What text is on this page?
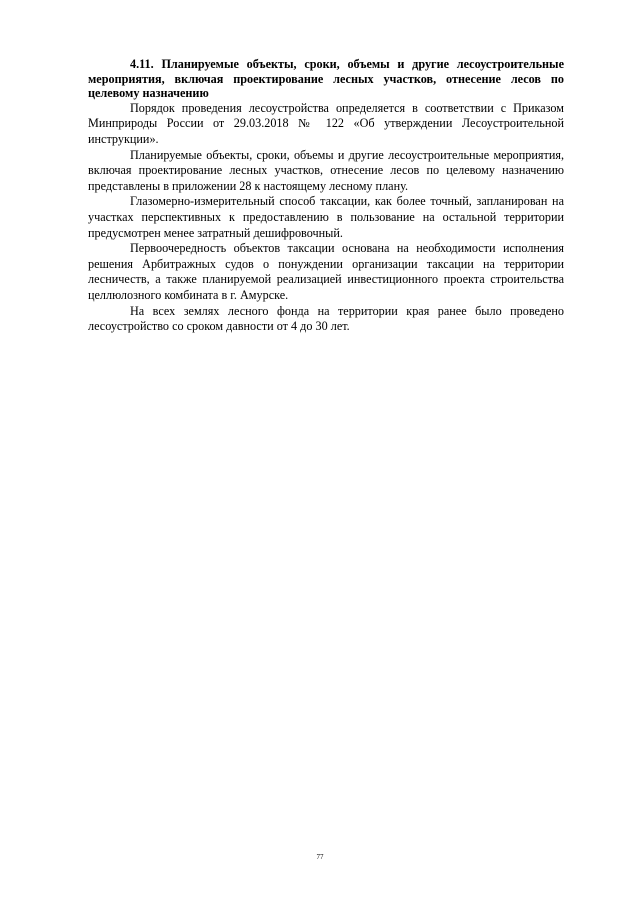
4.11. Планируемые объекты, сроки, объемы и другие лесоустроительные мероприятия, включая проектирование лесных участков, отнесение лесов по целевому назначению

Порядок проведения лесоустройства определяется в соответствии с Приказом Минприроды России от 29.03.2018 № 122 «Об утверждении Лесоустроительной инструкции».

Планируемые объекты, сроки, объемы и другие лесоустроительные мероприятия, включая проектирование лесных участков, отнесение лесов по целевому назначению представлены в приложении 28 к настоящему лесному плану.

Глазомерно-измерительный способ таксации, как более точный, запланирован на участках перспективных к предоставлению в пользование на остальной территории предусмотрен менее затратный дешифровочный.

Первоочередность объектов таксации основана на необходимости исполнения решения Арбитражных судов о понуждении организации таксации на территории лесничеств, а также планируемой реализацией инвестиционного проекта строительства целлюлозного комбината в г. Амурске.

На всех землях лесного фонда на территории края ранее было проведено лесоустройство со сроком давности от 4 до 30 лет.

77
